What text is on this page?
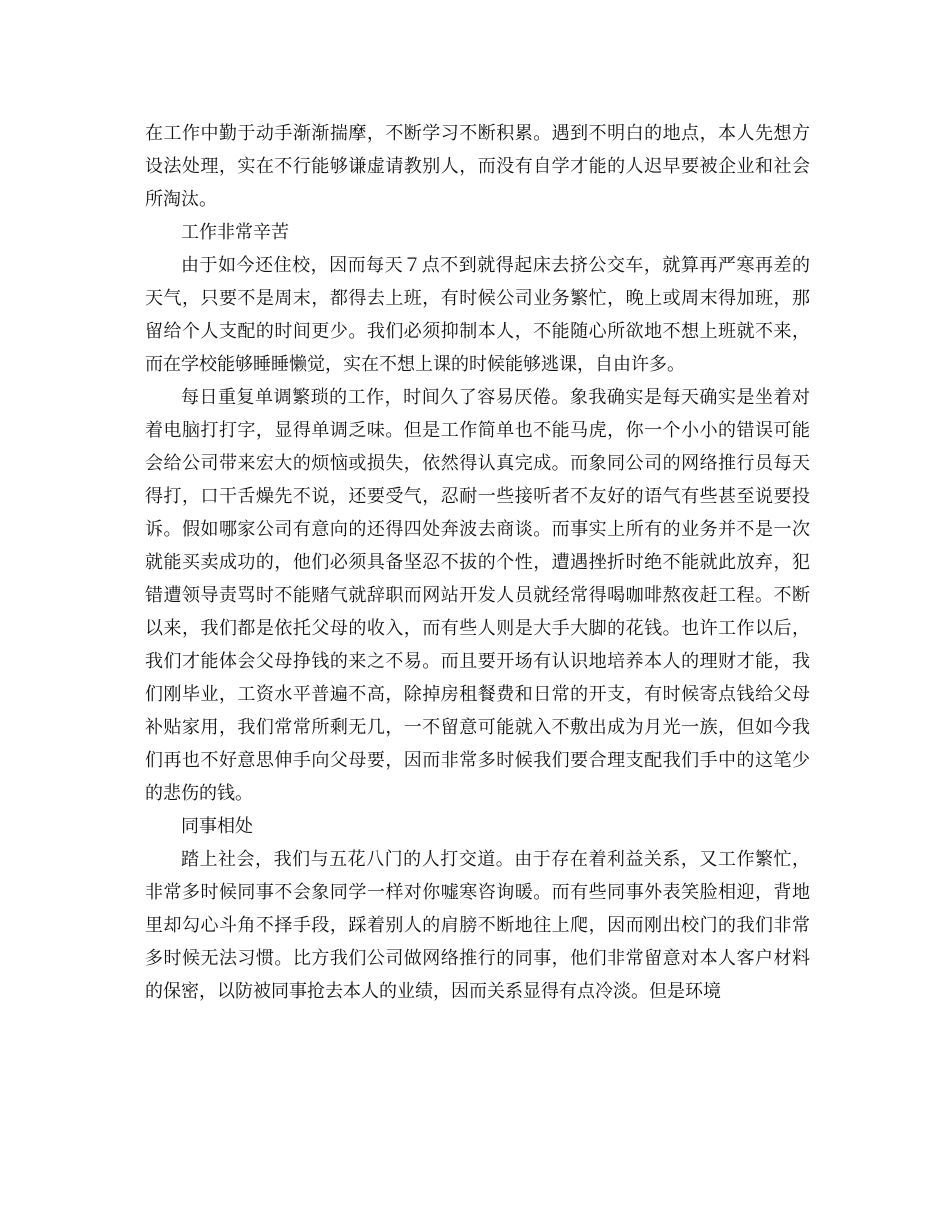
在工作中勤于动手渐渐揣摩，不断学习不断积累。遇到不明白的地点，本人先想方设法处理，实在不行能够谦虚请教别人，而没有自学才能的人迟早要被企业和社会所淘汰。

工作非常辛苦

由于如今还住校，因而每天７点不到就得起床去挤公交车，就算再严寒再差的天气，只要不是周末，都得去上班，有时候公司业务繁忙，晚上或周末得加班，那留给个人支配的时间更少。我们必须抑制本人，不能随心所欲地不想上班就不来，而在学校能够睡睡懒觉，实在不想上课的时候能够逃课，自由许多。

每日重复单调繁琐的工作，时间久了容易厌倦。象我确实是每天确实是坐着对着电脑打打字，显得单调乏味。但是工作简单也不能马虎，你一个小小的错误可能会给公司带来宏大的烦恼或损失，依然得认真完成。而象同公司的网络推行员每天得打，口干舌燥先不说，还要受气，忍耐一些接听者不友好的语气有些甚至说要投诉。假如哪家公司有意向的还得四处奔波去商谈。而事实上所有的业务并不是一次就能买卖成功的，他们必须具备坚忍不拔的个性，遭遇挫折时绝不能就此放弃，犯错遭领导责骂时不能赌气就辞职而网站开发人员就经常得喝咖啡熬夜赶工程。不断以来，我们都是依托父母的收入，而有些人则是大手大脚的花钱。也许工作以后，我们才能体会父母挣钱的来之不易。而且要开场有认识地培养本人的理财才能，我们刚毕业，工资水平普遍不高，除掉房租餐费和日常的开支，有时候寄点钱给父母补贴家用，我们常常所剩无几，一不留意可能就入不敷出成为月光一族，但如今我们再也不好意思伸手向父母要，因而非常多时候我们要合理支配我们手中的这笔少的悲伤的钱。

同事相处

踏上社会，我们与五花八门的人打交道。由于存在着利益关系，又工作繁忙，非常多时候同事不会象同学一样对你嘘寒咨询暖。而有些同事外表笑脸相迎，背地里却勾心斗角不择手段，踩着别人的肩膀不断地往上爬，因而刚出校门的我们非常多时候无法习惯。比方我们公司做网络推行的同事，他们非常留意对本人客户材料的保密，以防被同事抢去本人的业绩，因而关系显得有点冷淡。但是环境
